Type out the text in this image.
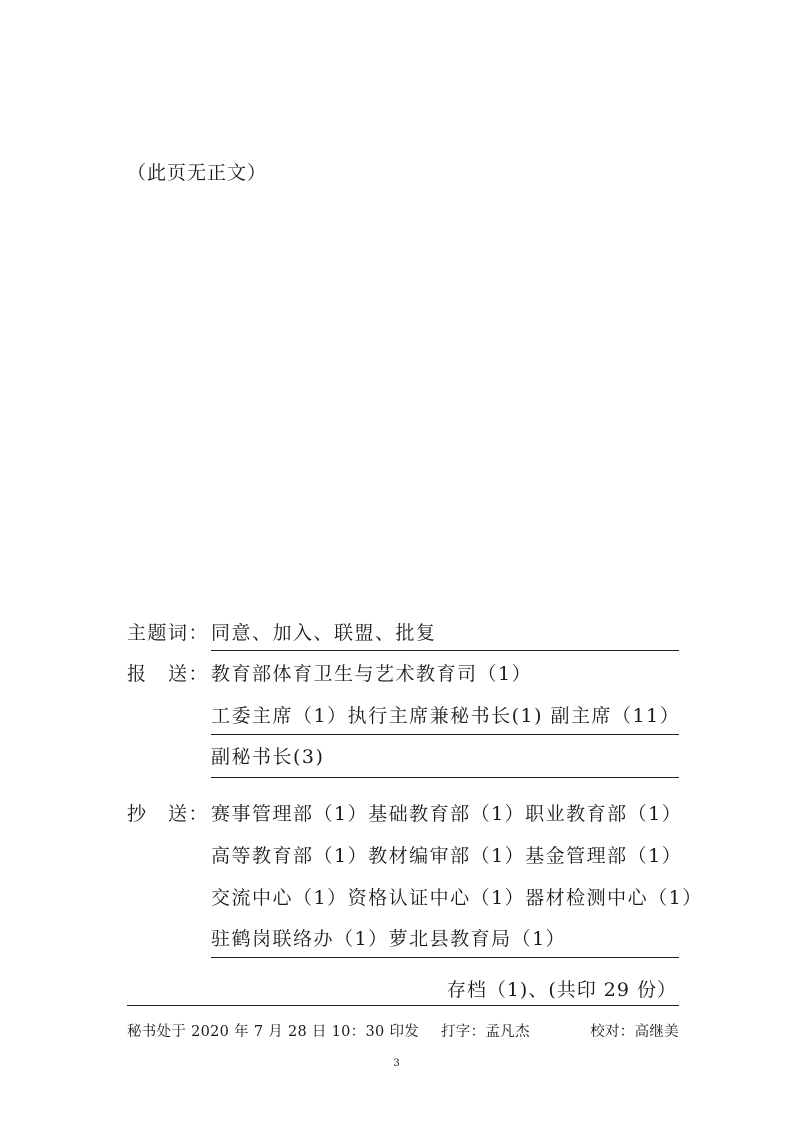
（此页无正文）
主题词： 同意、加入、联盟、批复
报　送： 教育部体育卫生与艺术教育司（1）
工委主席（1）执行主席兼秘书长(1) 副主席（11）
副秘书长(3)
抄　送： 赛事管理部（1）基础教育部（1）职业教育部（1）
高等教育部（1）教材编审部（1）基金管理部（1）
交流中心（1）资格认证中心（1）器材检测中心（1）
驻鹤岗联络办（1）萝北县教育局（1）
存档（1)、(共印 29 份）
秘书处于 2020 年 7 月 28 日 10：30 印发 打字：孟凡杰	校对：高继美
3
